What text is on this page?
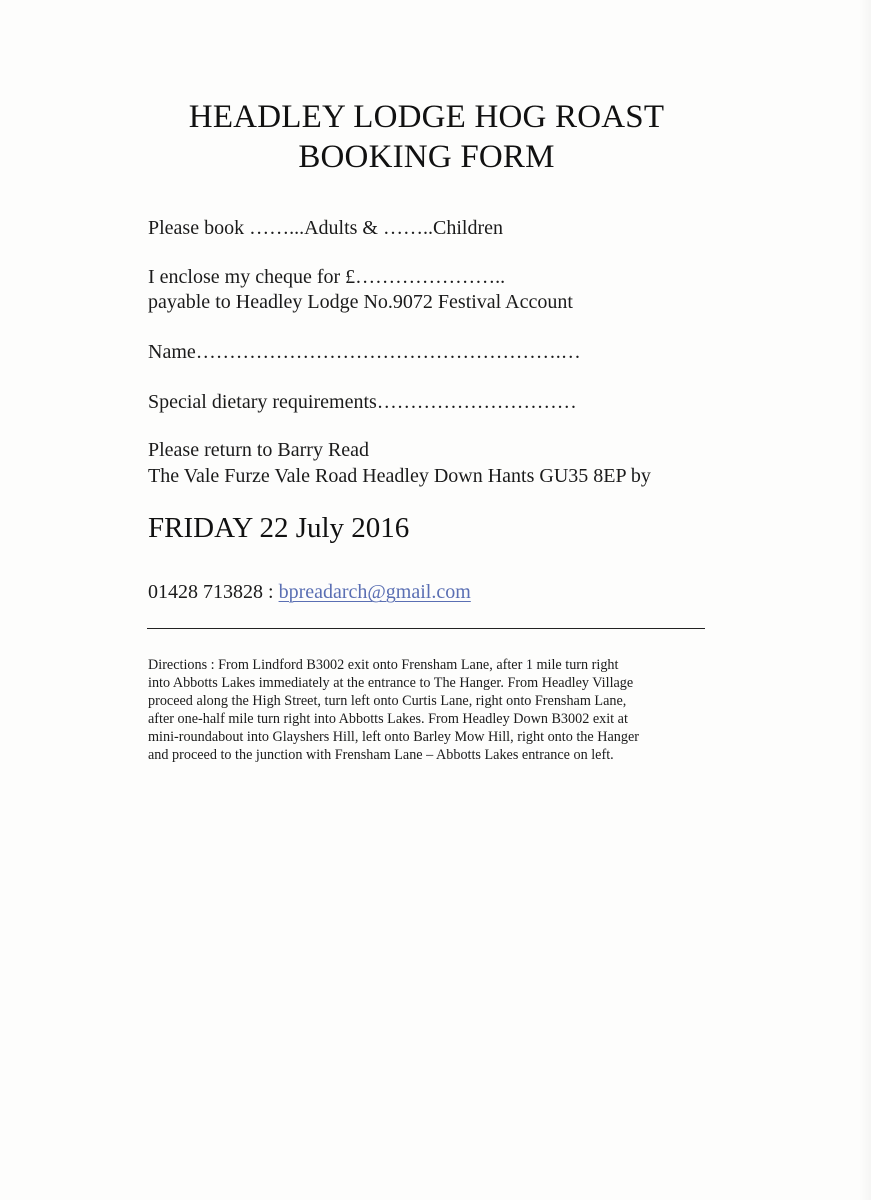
HEADLEY LODGE HOG ROAST
BOOKING FORM
Please book ……...Adults & ……..Children
I enclose my cheque for £…………………..
payable to Headley Lodge No.9072 Festival Account
Name……………………………………………….…
Special dietary requirements…………………………
Please return to Barry Read
The Vale Furze Vale Road Headley Down Hants GU35 8EP by
FRIDAY 22 July 2016
01428 713828 : bpreadarch@gmail.com
Directions : From Lindford B3002 exit onto Frensham Lane, after 1 mile turn right
into Abbotts Lakes immediately at the entrance to The Hanger. From Headley Village
proceed along the High Street, turn left onto Curtis Lane, right onto Frensham Lane,
after one-half mile turn right into Abbotts Lakes. From Headley Down B3002 exit at
mini-roundabout into Glayshers Hill, left onto Barley Mow Hill, right onto the Hanger
and proceed to the junction with Frensham Lane – Abbotts Lakes entrance on left.
